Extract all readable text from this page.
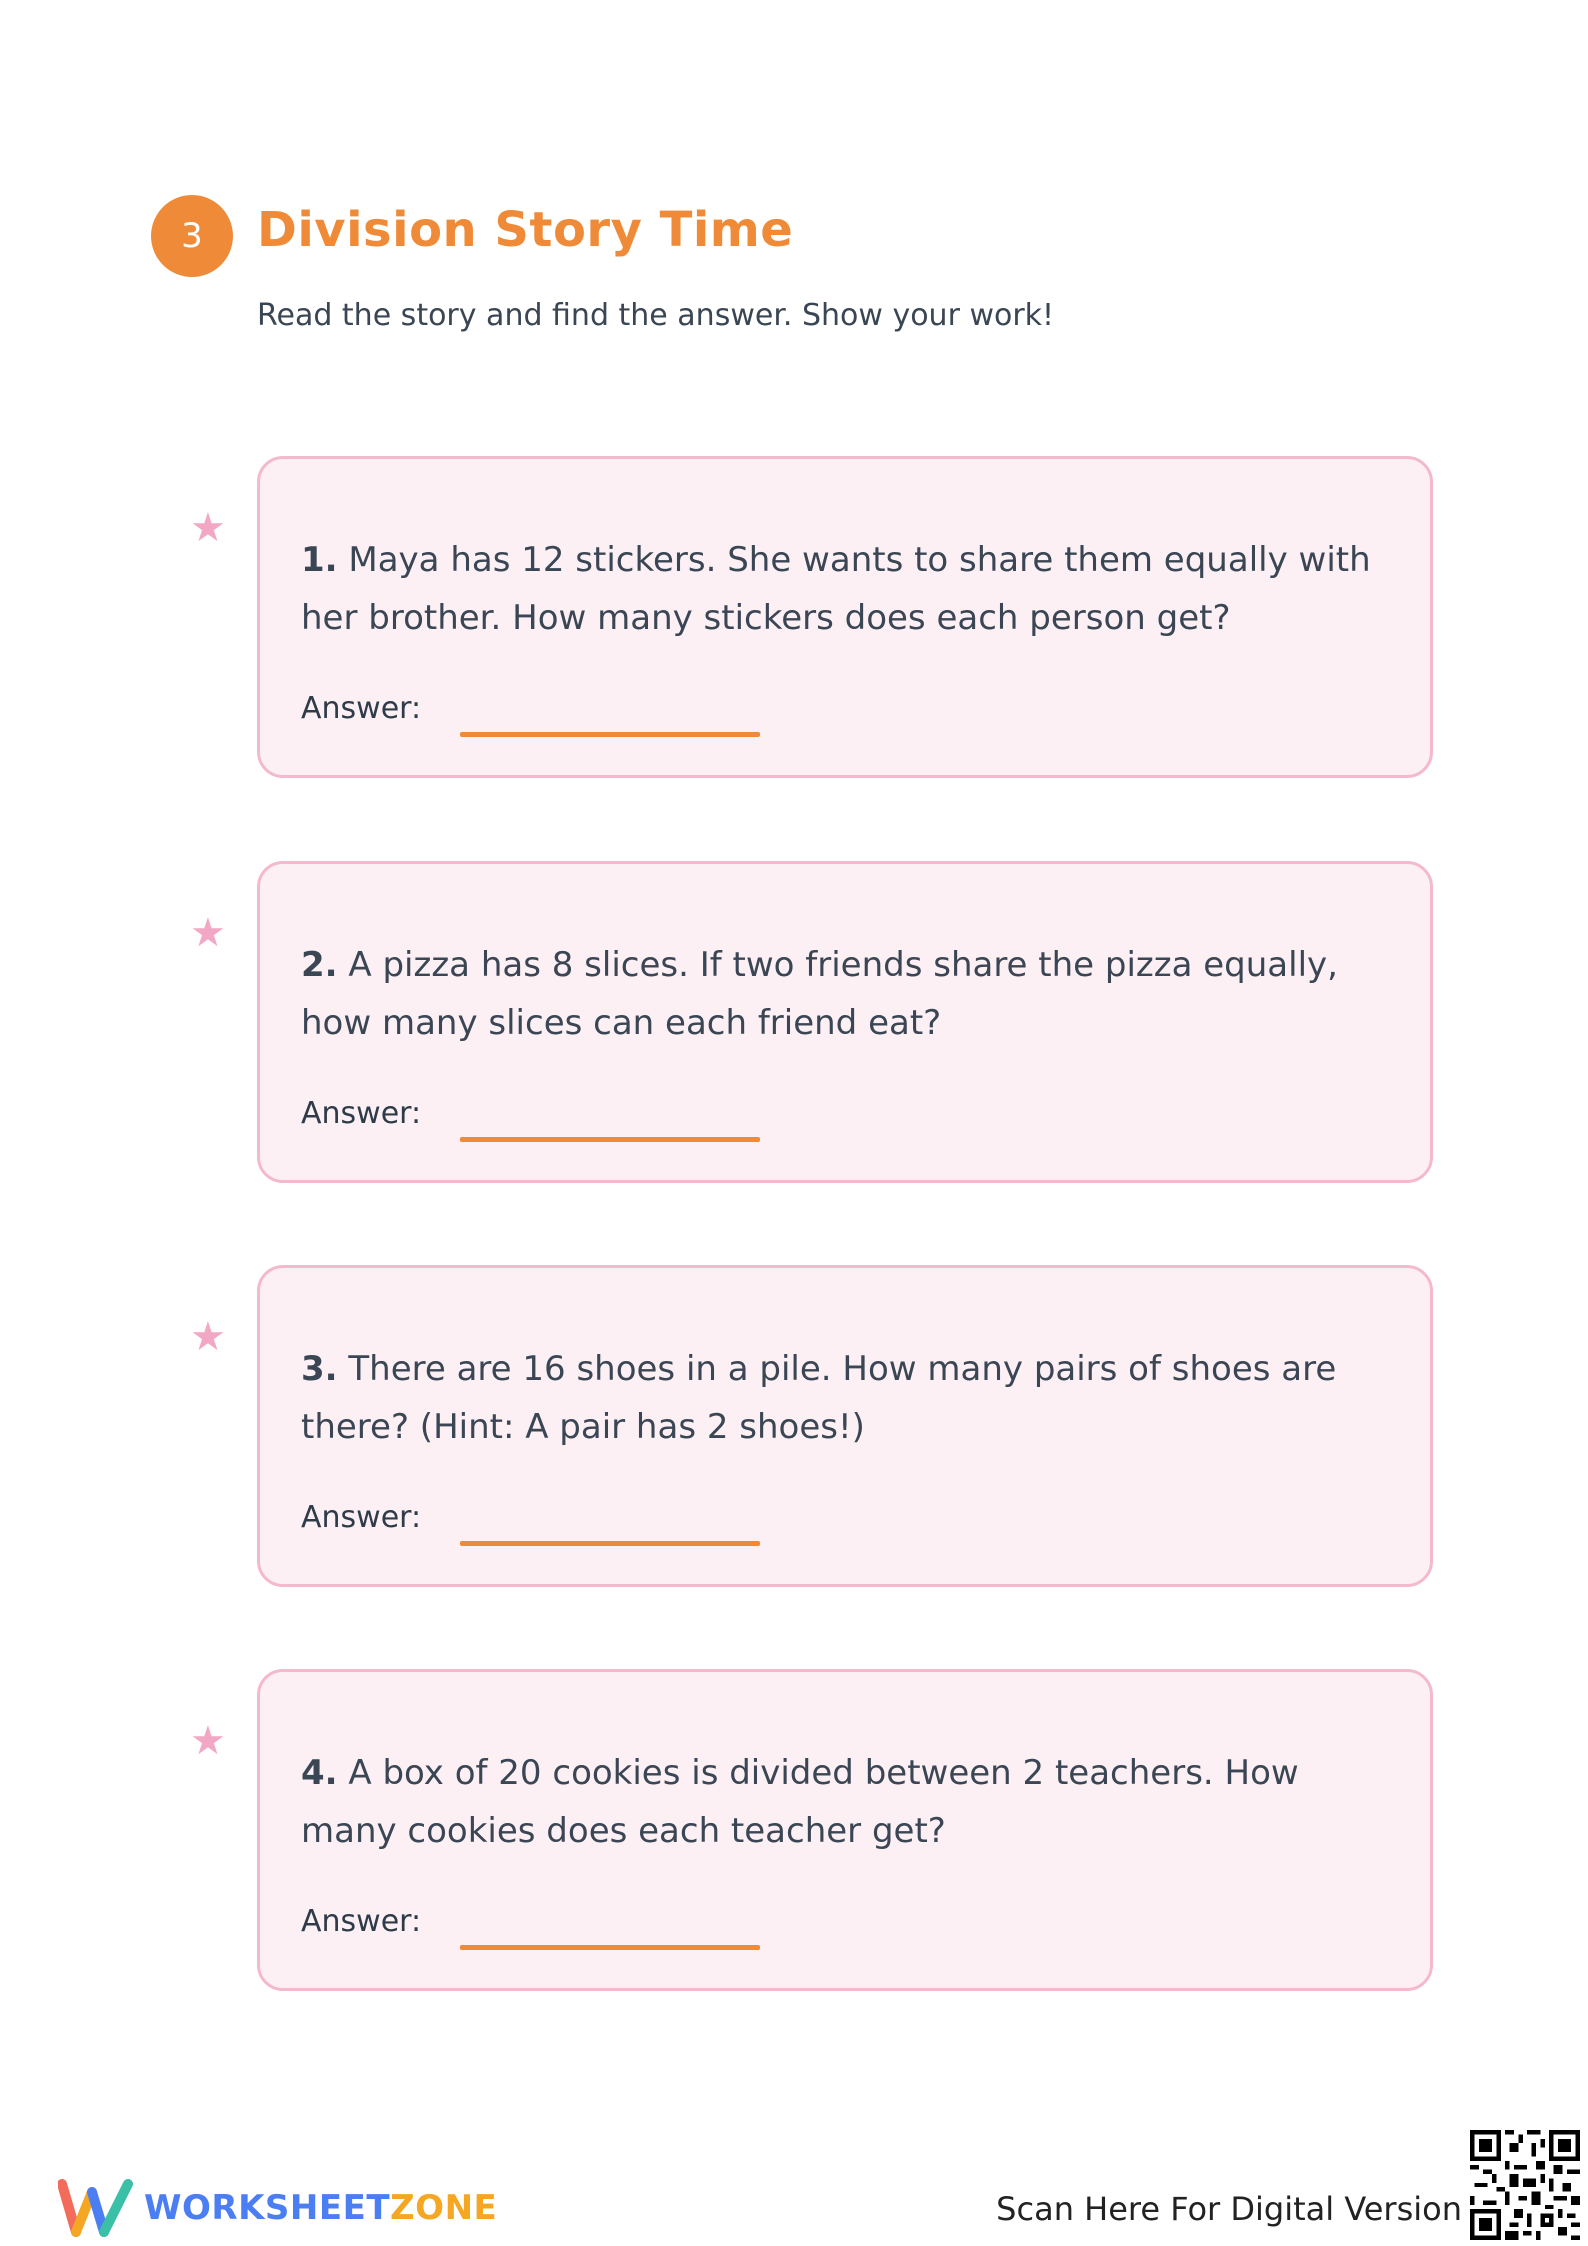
3 Division Story Time
Read the story and find the answer. Show your work!
★
1. Maya has 12 stickers. She wants to share them equally with her brother. How many stickers does each person get?
Answer:
★
2. A pizza has 8 slices. If two friends share the pizza equally, how many slices can each friend eat?
Answer:
★
3. There are 16 shoes in a pile. How many pairs of shoes are there? (Hint: A pair has 2 shoes!)
Answer:
★
4. A box of 20 cookies is divided between 2 teachers. How many cookies does each teacher get?
Answer:
WORKSHEETZONE	Scan Here For Digital Version
